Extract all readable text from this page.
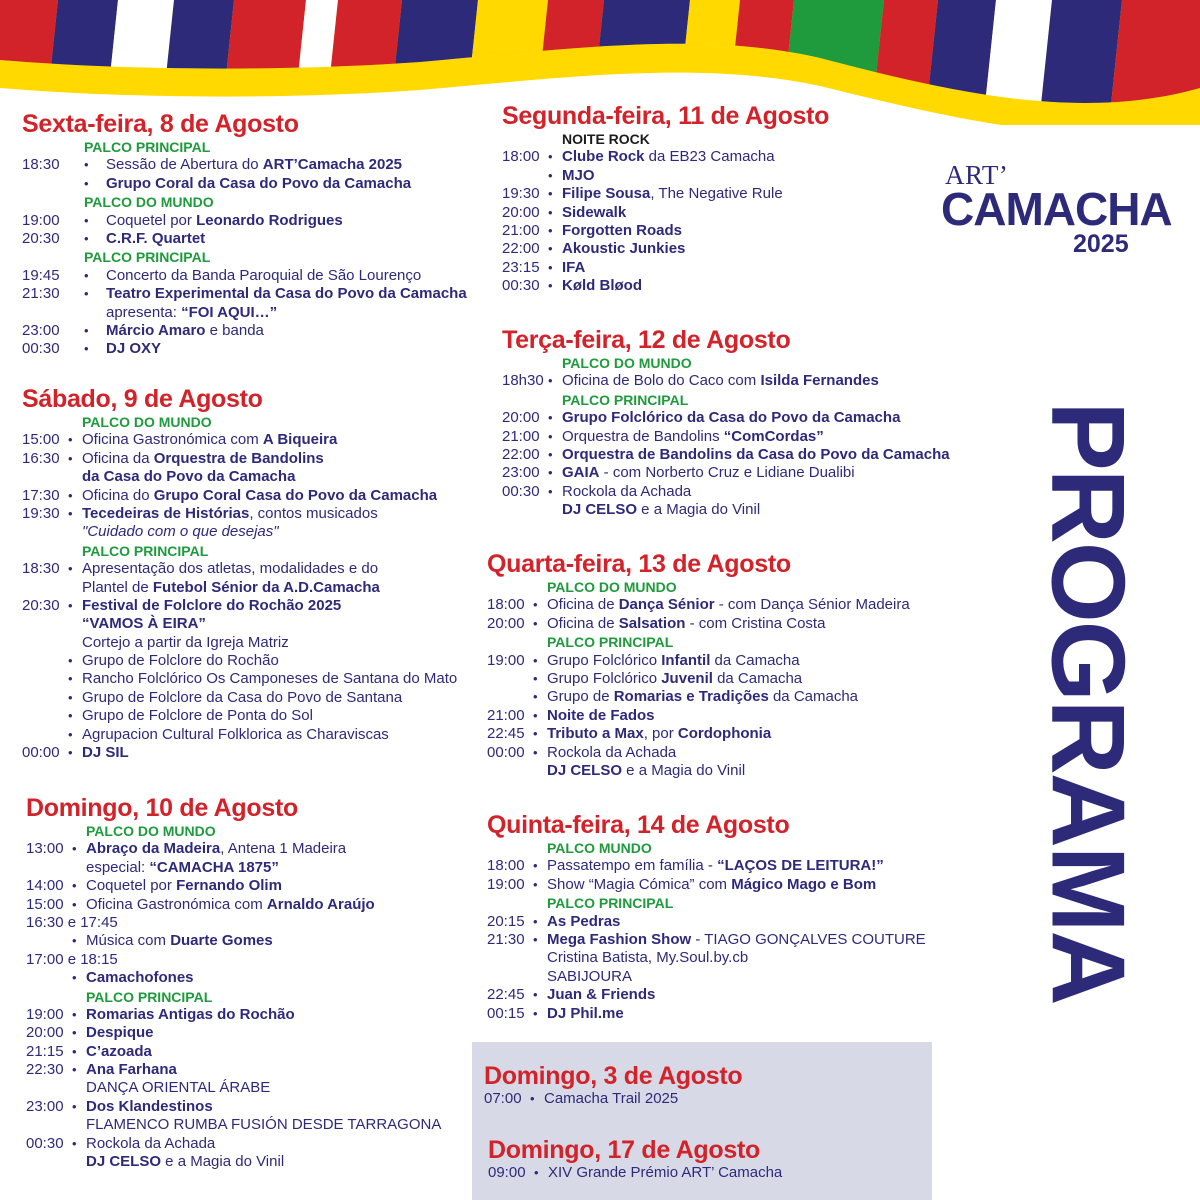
ART’
CAMACHA
2025
PROGRAMA
Sexta-feira, 8 de Agosto
PALCO PRINCIPAL
18:30 • Sessão de Abertura do ART’Camacha 2025
• Grupo Coral da Casa do Povo da Camacha
PALCO DO MUNDO
19:00 • Coquetel por Leonardo Rodrigues
20:30 • C.R.F. Quartet
PALCO PRINCIPAL
19:45 • Concerto da Banda Paroquial de São Lourenço
21:30 • Teatro Experimental da Casa do Povo da Camacha
apresenta: “FOI AQUI…”
23:00 • Márcio Amaro e banda
00:30 • DJ OXY
Sábado, 9 de Agosto
PALCO DO MUNDO
15:00 • Oficina Gastronómica com A Biqueira
16:30 • Oficina da Orquestra de Bandolins
da Casa do Povo da Camacha
17:30 • Oficina do Grupo Coral Casa do Povo da Camacha
19:30 • Tecedeiras de Histórias, contos musicados
"Cuidado com o que desejas"
PALCO PRINCIPAL
18:30 • Apresentação dos atletas, modalidades e do
Plantel de Futebol Sénior da A.D.Camacha
20:30 • Festival de Folclore do Rochão 2025
“VAMOS À EIRA”
Cortejo a partir da Igreja Matriz
• Grupo de Folclore do Rochão
• Rancho Folclórico Os Camponeses de Santana do Mato
• Grupo de Folclore da Casa do Povo de Santana
• Grupo de Folclore de Ponta do Sol
• Agrupacion Cultural Folklorica as Charaviscas
00:00 • DJ SIL
Domingo, 10 de Agosto
PALCO DO MUNDO
13:00 • Abraço da Madeira, Antena 1 Madeira
especial: “CAMACHA 1875”
14:00 • Coquetel por Fernando Olim
15:00 • Oficina Gastronómica com Arnaldo Araújo
16:30 e 17:45
• Música com Duarte Gomes
17:00 e 18:15
• Camachofones
PALCO PRINCIPAL
19:00 • Romarias Antigas do Rochão
20:00 • Despique
21:15 • C’azoada
22:30 • Ana Farhana
DANÇA ORIENTAL ÁRABE
23:00 • Dos Klandestinos
FLAMENCO RUMBA FUSIÓN DESDE TARRAGONA
00:30 • Rockola da Achada
DJ CELSO e a Magia do Vinil
Segunda-feira, 11 de Agosto
NOITE ROCK
18:00 • Clube Rock da EB23 Camacha
• MJO
19:30 • Filipe Sousa, The Negative Rule
20:00 • Sidewalk
21:00 • Forgotten Roads
22:00 • Akoustic Junkies
23:15 • IFA
00:30 • Køld Bløod
Terça-feira, 12 de Agosto
PALCO DO MUNDO
18h30 • Oficina de Bolo do Caco com Isilda Fernandes
PALCO PRINCIPAL
20:00 • Grupo Folclórico da Casa do Povo da Camacha
21:00 • Orquestra de Bandolins “ComCordas”
22:00 • Orquestra de Bandolins da Casa do Povo da Camacha
23:00 • GAIA - com Norberto Cruz e Lidiane Dualibi
00:30 • Rockola da Achada
DJ CELSO e a Magia do Vinil
Quarta-feira, 13 de Agosto
PALCO DO MUNDO
18:00 • Oficina de Dança Sénior - com Dança Sénior Madeira
20:00 • Oficina de Salsation - com Cristina Costa
PALCO PRINCIPAL
19:00 • Grupo Folclórico Infantil da Camacha
• Grupo Folclórico Juvenil da Camacha
• Grupo de Romarias e Tradições da Camacha
21:00 • Noite de Fados
22:45 • Tributo a Max, por Cordophonia
00:00 • Rockola da Achada
DJ CELSO e a Magia do Vinil
Quinta-feira, 14 de Agosto
PALCO MUNDO
18:00 • Passatempo em família - “LAÇOS DE LEITURA!”
19:00 • Show “Magia Cómica” com Mágico Mago e Bom
PALCO PRINCIPAL
20:15 • As Pedras
21:30 • Mega Fashion Show - TIAGO GONÇALVES COUTURE
Cristina Batista, My.Soul.by.cb
SABIJOURA
22:45 • Juan & Friends
00:15 • DJ Phil.me
Domingo, 3 de Agosto
07:00 • Camacha Trail 2025
Domingo, 17 de Agosto
09:00 • XIV Grande Prémio ART’ Camacha
